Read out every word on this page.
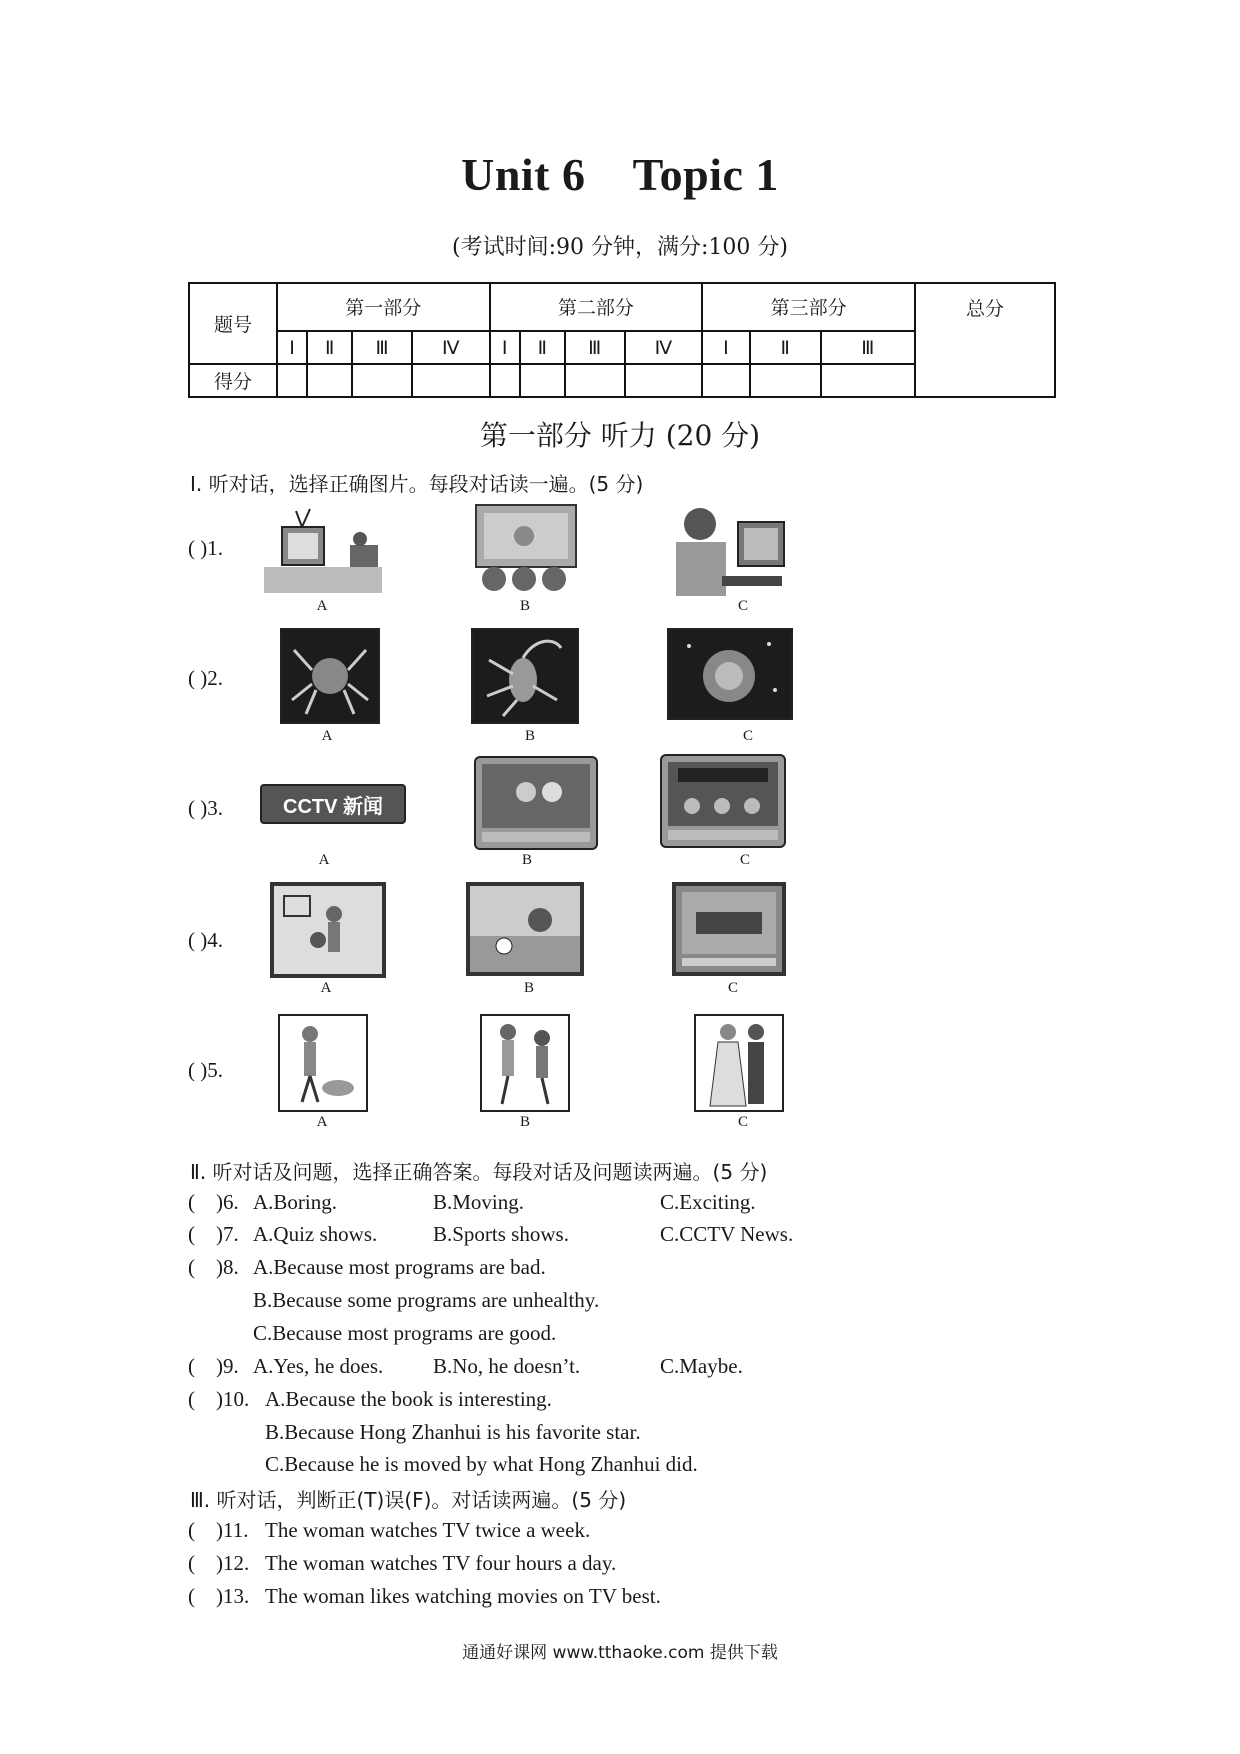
Unit 6    Topic 1
(考试时间:90 分钟，满分:100 分)
题号	第一部分				第二部分				第三部分			总分
	Ⅰ	Ⅱ	Ⅲ	Ⅳ	Ⅰ	Ⅱ	Ⅲ	Ⅳ	Ⅰ	Ⅱ	Ⅲ	
得分												
第一部分 听力 (20 分)
Ⅰ. 听对话，选择正确图片。每段对话读一遍。(5 分)
( )1.
A	B	C
( )2.
A	B	C
( )3.	CCTV 新闻
A	B	C
( )4.
A	B	C
( )5.
A	B	C
Ⅱ. 听对话及问题，选择正确答案。每段对话及问题读两遍。(5 分)
(    )6. A.Boring.	B.Moving.	C.Exciting.
(    )7. A.Quiz shows.	B.Sports shows.	C.CCTV News.
(    )8. A.Because most programs are bad.
B.Because some programs are unhealthy.
C.Because most programs are good.
(    )9. A.Yes, he does. B.No, he doesn’t.	C.Maybe.
(    )10. A.Because the book is interesting.
B.Because Hong Zhanhui is his favorite star.
C.Because he is moved by what Hong Zhanhui did.
Ⅲ. 听对话，判断正(T)误(F)。对话读两遍。(5 分)
(    )11. The woman watches TV twice a week.
(    )12. The woman watches TV four hours a day.
(    )13. The woman likes watching movies on TV best.
通通好课网 www.tthaoke.com 提供下载
